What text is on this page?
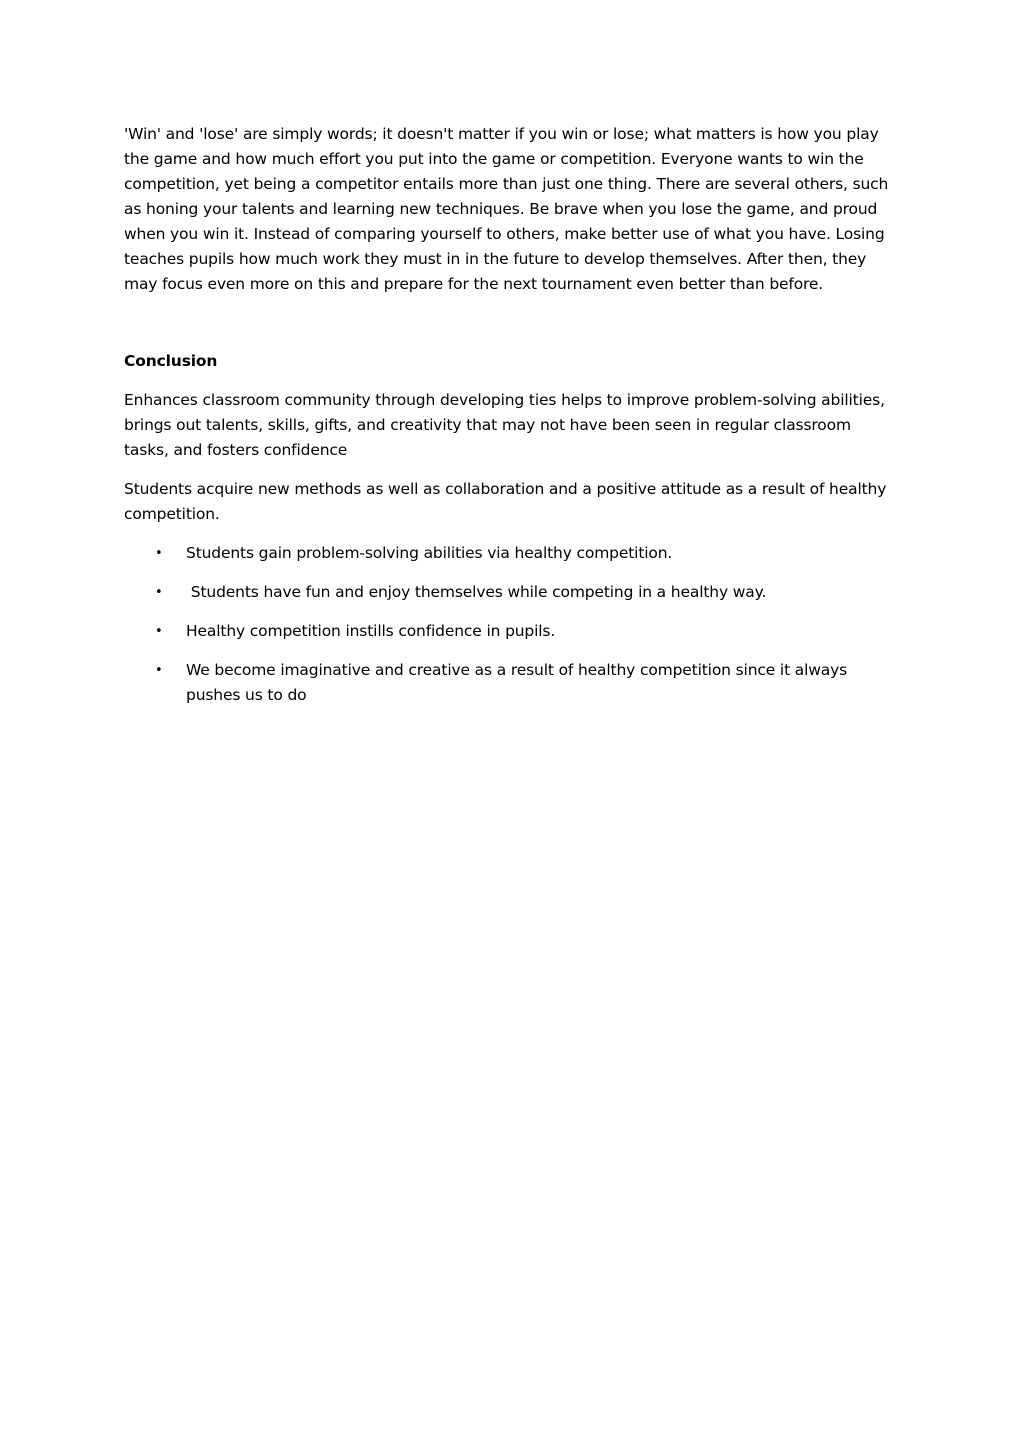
'Win' and 'lose' are simply words; it doesn't matter if you win or lose; what matters is how you play the game and how much effort you put into the game or competition. Everyone wants to win the competition, yet being a competitor entails more than just one thing. There are several others, such as honing your talents and learning new techniques. Be brave when you lose the game, and proud when you win it. Instead of comparing yourself to others, make better use of what you have. Losing teaches pupils how much work they must in in the future to develop themselves. After then, they may focus even more on this and prepare for the next tournament even better than before.

Conclusion

Enhances classroom community through developing ties helps to improve problem-solving abilities, brings out talents, skills, gifts, and creativity that may not have been seen in regular classroom tasks, and fosters confidence

Students acquire new methods as well as collaboration and a positive attitude as a result of healthy competition.

• Students gain problem-solving abilities via healthy competition.
• Students have fun and enjoy themselves while competing in a healthy way.
• Healthy competition instills confidence in pupils.
• We become imaginative and creative as a result of healthy competition since it always pushes us to do
